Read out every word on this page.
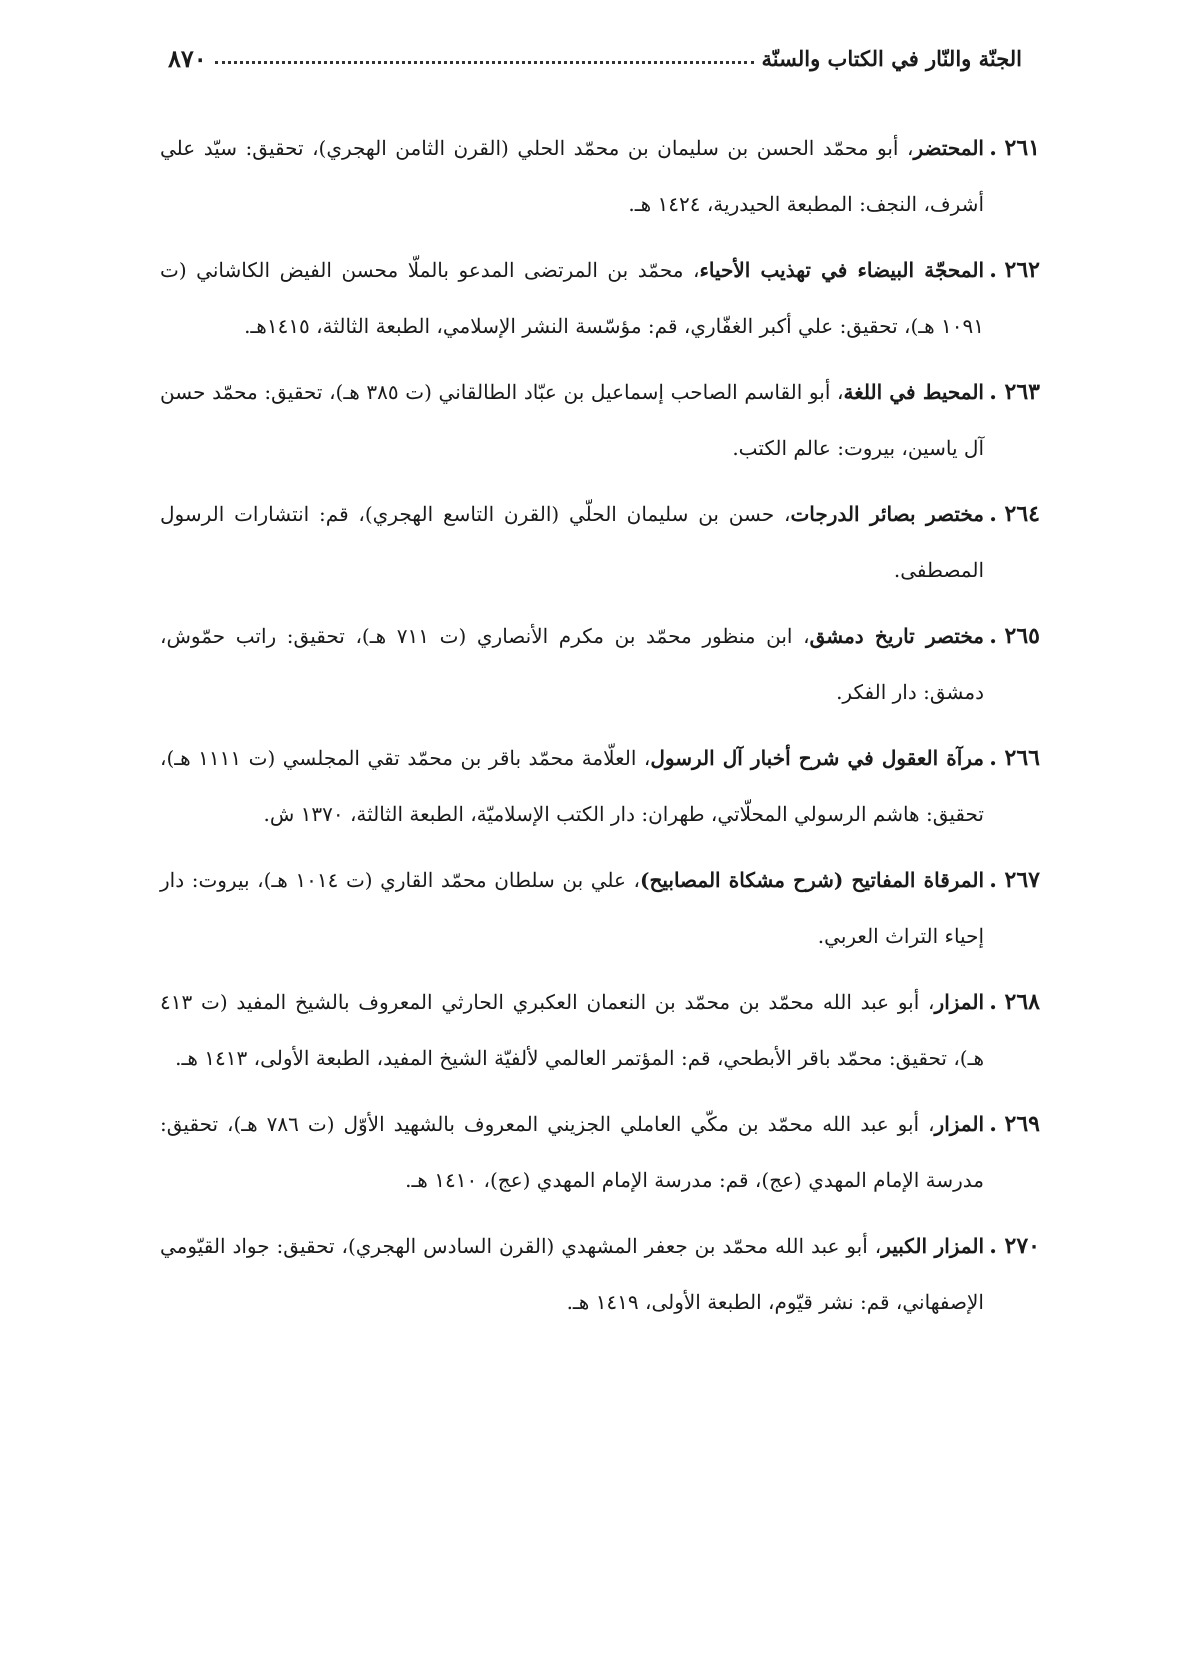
الجنّة والنّار في الكتاب والسنّة
٨٧٠
٢٦١ .
المحتضر، أبو محمّد الحسن بن سليمان بن محمّد الحلي (القرن الثامن الهجري)، تحقيق: سيّد علي أشرف، النجف: المطبعة الحيدرية، ١٤٢٤ هـ.
٢٦٢ .
المحجّة البيضاء في تهذيب الأحياء، محمّد بن المرتضى المدعو بالملّا محسن الفيض الكاشاني (ت ١٠٩١ هـ)، تحقيق: علي أكبر الغفّاري، قم: مؤسّسة النشر الإسلامي، الطبعة الثالثة، ١٤١٥هـ.
٢٦٣ .
المحيط في اللغة، أبو القاسم الصاحب إسماعيل بن عبّاد الطالقاني (ت ٣٨٥ هـ)، تحقيق: محمّد حسن آل ياسين، بيروت: عالم الكتب.
٢٦٤ .
مختصر بصائر الدرجات، حسن بن سليمان الحلّي (القرن التاسع الهجري)، قم: انتشارات الرسول المصطفى.
٢٦٥ .
مختصر تاريخ دمشق، ابن منظور محمّد بن مكرم الأنصاري (ت ٧١١ هـ)، تحقيق: راتب حمّوش، دمشق: دار الفكر.
٢٦٦ .
مرآة العقول في شرح أخبار آل الرسول، العلّامة محمّد باقر بن محمّد تقي المجلسي (ت ١١١١ هـ)، تحقيق: هاشم الرسولي المحلّاتي، طهران: دار الكتب الإسلاميّة، الطبعة الثالثة، ١٣٧٠ ش.
٢٦٧ .
المرقاة المفاتيح (شرح مشكاة المصابيح)، علي بن سلطان محمّد القاري (ت ١٠١٤ هـ)، بيروت: دار إحياء التراث العربي.
٢٦٨ .
المزار، أبو عبد الله محمّد بن محمّد بن النعمان العكبري الحارثي المعروف بالشيخ المفيد (ت ٤١٣ هـ)، تحقيق: محمّد باقر الأبطحي، قم: المؤتمر العالمي لألفيّة الشيخ المفيد، الطبعة الأولى، ١٤١٣ هـ.
٢٦٩ .
المزار، أبو عبد الله محمّد بن مكّي العاملي الجزيني المعروف بالشهيد الأوّل (ت ٧٨٦ هـ)، تحقيق: مدرسة الإمام المهدي (عج)، قم: مدرسة الإمام المهدي (عج)، ١٤١٠ هـ.
٢٧٠ .
المزار الكبير، أبو عبد الله محمّد بن جعفر المشهدي (القرن السادس الهجري)، تحقيق: جواد القيّومي الإصفهاني، قم: نشر قيّوم، الطبعة الأولى، ١٤١٩ هـ.
